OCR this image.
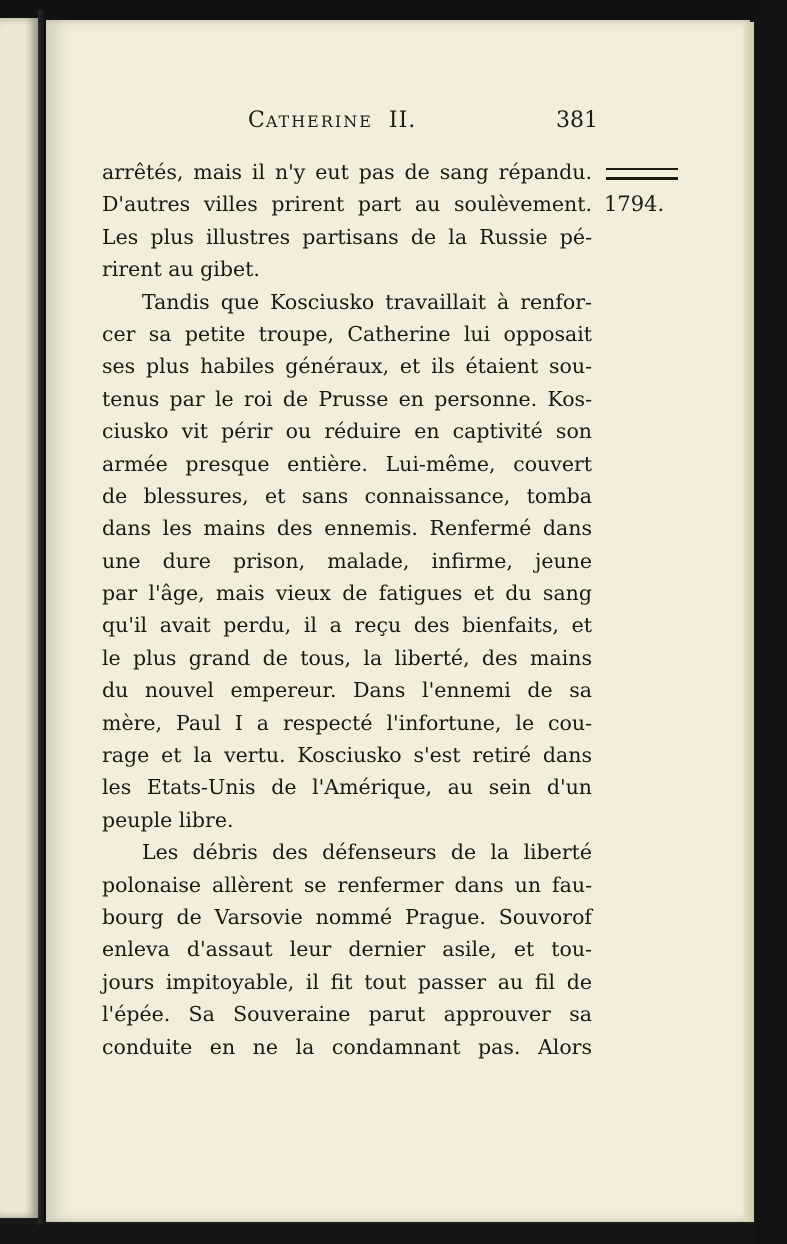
CATHERINE II.	381
1794.
arrêtés, mais il n'y eut pas de sang répandu.
D'autres villes prirent part au soulèvement.
Les plus illustres partisans de la Russie pé-
rirent au gibet.
Tandis que Kosciusko travaillait à renfor-
cer sa petite troupe, Catherine lui opposait
ses plus habiles généraux, et ils étaient sou-
tenus par le roi de Prusse en personne. Kos-
ciusko vit périr ou réduire en captivité son
armée presque entière. Lui-même, couvert
de blessures, et sans connaissance, tomba
dans les mains des ennemis. Renfermé dans
une dure prison, malade, infirme, jeune
par l'âge, mais vieux de fatigues et du sang
qu'il avait perdu, il a reçu des bienfaits, et
le plus grand de tous, la liberté, des mains
du nouvel empereur. Dans l'ennemi de sa
mère, Paul I a respecté l'infortune, le cou-
rage et la vertu. Kosciusko s'est retiré dans
les Etats-Unis de l'Amérique, au sein d'un
peuple libre.
Les débris des défenseurs de la liberté
polonaise allèrent se renfermer dans un fau-
bourg de Varsovie nommé Prague. Souvorof
enleva d'assaut leur dernier asile, et tou-
jours impitoyable, il fit tout passer au fil de
l'épée. Sa Souveraine parut approuver sa
conduite en ne la condamnant pas. Alors
